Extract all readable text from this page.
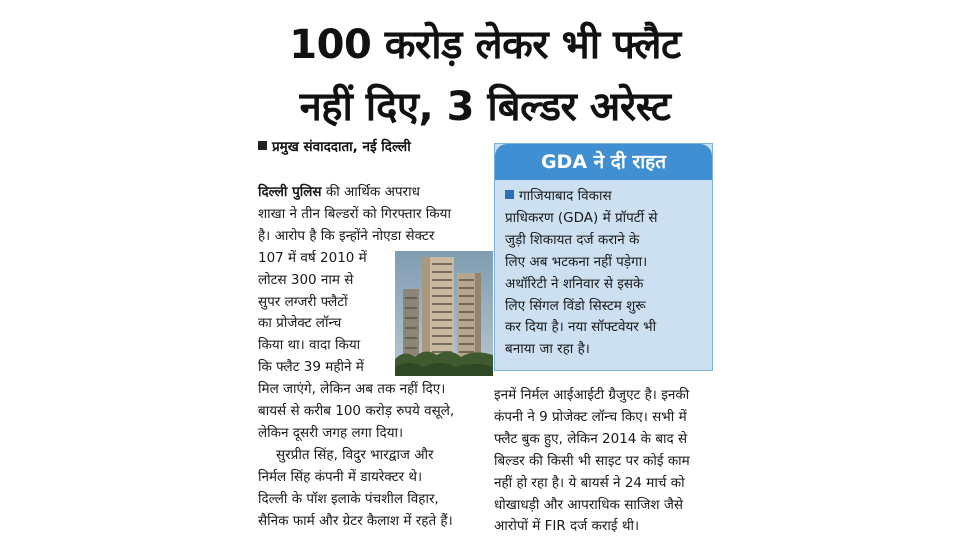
100 करोड़ लेकर भी फ्लैट
नहीं दिए, 3 बिल्डर अरेस्ट
प्रमुख संवाददाता, नई दिल्ली

दिल्ली पुलिस की आर्थिक अपराध

शाखा ने तीन बिल्डरों को गिरफ्तार किया

है। आरोप है कि इन्होंने नोएडा सेक्टर

107 में वर्ष 2010 में

लोटस 300 नाम से

सुपर लग्जरी फ्लैटों

का प्रोजेक्ट लॉन्च

किया था। वादा किया

कि फ्लैट 39 महीने में

मिल जाएंगे, लेकिन अब तक नहीं दिए।

बायर्स से करीब 100 करोड़ रुपये वसूले,

लेकिन दूसरी जगह लगा दिया।

सुरप्रीत सिंह, विदुर भारद्वाज और

निर्मल सिंह कंपनी में डायरेक्टर थे।

दिल्ली के पॉश इलाके पंचशील विहार,

सैनिक फार्म और ग्रेटर कैलाश में रहते हैं।

GDA ने दी राहत
गाजियाबाद विकास
प्राधिकरण (GDA) में प्रॉपर्टी से
जुड़ी शिकायत दर्ज कराने के
लिए अब भटकना नहीं पड़ेगा।
अथॉरिटी ने शनिवार से इसके
लिए सिंगल विंडो सिस्टम शुरू
कर दिया है। नया सॉफ्टवेयर भी
बनाया जा रहा है।

इनमें निर्मल आईआईटी ग्रैजुएट है। इनकी

कंपनी ने 9 प्रोजेक्ट लॉन्च किए। सभी में

फ्लैट बुक हुए, लेकिन 2014 के बाद से

बिल्डर की किसी भी साइट पर कोई काम

नहीं हो रहा है। ये बायर्स ने 24 मार्च को

धोखाधड़ी और आपराधिक साजिश जैसे

आरोपों में FIR दर्ज कराई थी।
